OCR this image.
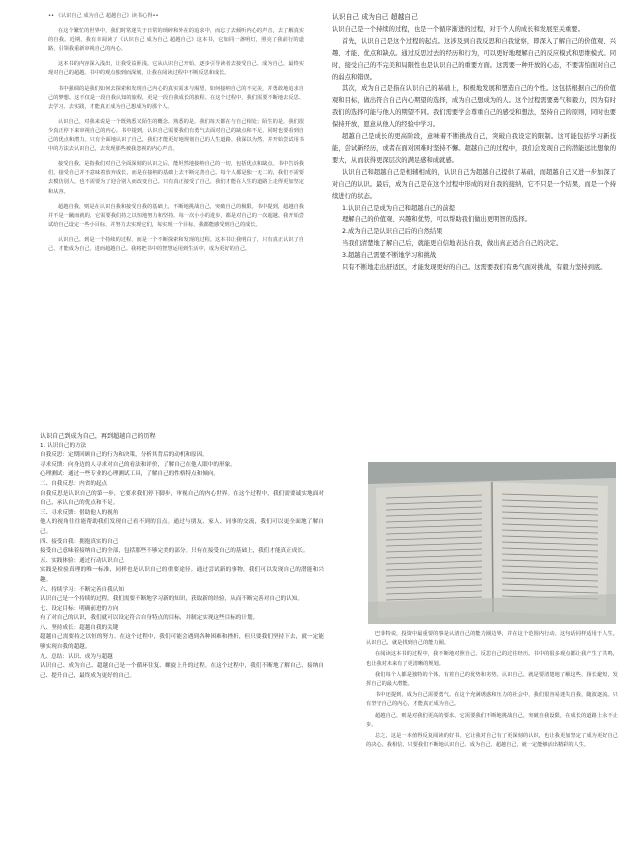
•• 《认识自己 成为自己 超越自己》读书心得••

在这个繁忙的世界中，我们时常迷失于日常的琐碎和外在的追求中，而忘了去倾听内心的声音，去了解真实的自我。近期，我有幸阅读了《认识自己 成为自己 超越自己》这本书，它如同一盏明灯，照亮了我前行的道路，引领我重新审视自己的内心。

这本书的内容深入浅出，让我受益匪浅。它从认识自己开始，逐步引导读者去接受自己、成为自己，最终实现对自己的超越。书中的观点独到而深刻，让我在阅读过程中不断反思和成长。

书中强调的是我们如何去探索和发现自己内心的真实需求与渴望，如何接纳自己的不完美，并勇敢地追求自己的梦想。这不仅是一段自我认知的旅程，更是一段自我成长的旅程。在这个过程中，我们需要不断地去反思、去学习、去实践，才能真正成为自己想成为的那个人。

认识自己，对我来说是一个既熟悉又陌生的概念。熟悉的是，我们每天都在与自己相处；陌生的是，我们很少真正停下来审视自己的内心。书中提到，认识自己需要我们有勇气去面对自己的缺点和不足，同时也要看到自己的优点和潜力。只有全面地认识了自己，我们才能更好地规划自己的人生道路。我深以为然，并开始尝试用书中的方法去认识自己，去发现那些被我忽视的内心声音。

接受自我，是指我们对自己全面深刻的认识之后，能坦然地接纳自己的一切，包括优点和缺点。书中告诉我们，接受自己并不意味着放弃成长，而是在接纳的基础上去不断完善自己。每个人都是独一无二的，我们不需要去模仿别人，也不需要为了迎合别人而改变自己。只有真正接受了自己，我们才能在人生的道路上走得更加坚定和从容。

超越自我，则是在认识自我和接受自我的基础上，不断地挑战自己，突破自己的极限。书中提到，超越自我并不是一蹴而就的，它需要我们持之以恒地努力和坚持。每一次小小的进步，都是对自己的一次超越。我开始尝试给自己设定一些小目标，并努力去实现它们，每实现一个目标，我都能感受到自己的成长。

认识自己，到是一个持续的过程，而是一个不断探索和发现的过程。这本书让我明白了，只有真正认识了自己，才能成为自己，进而超越自己。我将把书中的智慧运用到生活中，成为更好的自己。

认识自己 成为自己 超越自己

认识自己是一个持续的过程，也是一个循序渐进的过程，对于个人的成长和发展至关重要。

首先，认识自己是这个过程的起点。这涉及到自我反思和自我觉察，即深入了解自己的价值观、兴趣、才能、优点和缺点。通过反思过去的经历和行为，可以更好地理解自己的反应模式和思维模式。同时，接受自己的不完美和局限性也是认识自己的重要方面。这需要一种开放的心态，不要害怕面对自己的弱点和错误。

其次，成为自己是指在认识自己的基础上，积极地发展和塑造自己的个性。这包括根据自己的价值观和目标，做出符合自己内心期望的选择，成为自己想成为的人。这个过程需要勇气和毅力，因为有时我们的选择可能与他人的期望不同。我们需要学会尊重自己的感受和想法，坚持自己的原则，同时也要保持开放，愿意从他人的经验中学习。

超越自己是成长的更高阶段，意味着不断挑战自己，突破自我设定的限制。这可能包括学习新技能，尝试新经历，或者在面对困难时坚持不懈。超越自己的过程中，我们会发现自己的潜能远比想象的要大，从而获得更深层次的满足感和成就感。

认识自己和超越自己是相辅相成的，认识自己为超越自己提供了基础，而超越自己又进一步加深了对自己的认识。最后，成为自己是在这个过程中形成的对自我的接纳，它不只是一个结果，而是一个持续进行的状态。

1.认识自己是成为自己和超越自己的前提

理解自己的价值观、兴趣和优势，可以帮助我们做出更明智的选择。

2.成为自己是认识自己后的自然结果

当我们清楚地了解自己后，就能更自信地表达自我，做出真正适合自己的决定。

3.超越自己需要不断地学习和挑战

只有不断地走出舒适区，才能发现更好的自己。这需要我们有勇气面对挑战，有毅力坚持到底。

认识自己到成为自己，再到超越自己的历程

1. 认识自己的方法

自我反思：定期回顾自己的行为和决策，分析其背后的动机和原因。

寻求反馈：向身边的人寻求对自己的看法和评价，了解自己在他人眼中的形象。

心理测试：通过一些专业的心理测试工具，了解自己的性格特点和倾向。

二、自我反思：内省的起点

自我反思是认识自己的第一步，它要求我们停下脚步，审视自己的内心世界。在这个过程中，我们需要诚实地面对自己，承认自己的优点和不足。

三、寻求反馈：借助他人的视角

他人的视角往往能帮助我们发现自己看不到的盲点。通过与朋友、家人、同事的交流，我们可以更全面地了解自己。

四、接受自我：拥抱真实的自己

接受自己意味着接纳自己的全部，包括那些不够完美的部分。只有在接受自己的基础上，我们才能真正成长。

五、实践体验：通过行动认识自己

实践是检验真理的唯一标准，同样也是认识自己的重要途径。通过尝试新的事物，我们可以发现自己的潜能和兴趣。

六、持续学习：不断完善自我认知

认识自己是一个持续的过程，我们需要不断地学习新的知识，获取新的经验，从而不断完善对自己的认知。

七、设定目标：明确前进的方向

有了对自己的认识，我们就可以设定符合自身特点的目标，并制定实现这些目标的计划。

八、坚持成长：超越自我的关键

超越自己需要持之以恒的努力。在这个过程中，我们可能会遇到各种困难和挫折，但只要我们坚持下去，就一定能够实现自我的超越。

九、总结：认识、成为与超越

认识自己、成为自己、超越自己是一个循环往复、螺旋上升的过程。在这个过程中，我们不断地了解自己、接纳自己、提升自己，最终成为更好的自己。

巴菲特说，投资中最重要的事是认清自己的能力圈边界，并在这个范围内行动。这句话同样适用于人生。认识自己，就是找到自己的能力圈。

在阅读这本书的过程中，我不断地对照自己，反思自己的过往经历。书中的很多观点都让我产生了共鸣，也让我对未来有了更清晰的规划。

我们每个人都是独特的个体，有着自己的优势和劣势。认识自己，就是要清楚地了解这些，扬长避短，发挥自己的最大潜能。

书中还提到，成为自己需要勇气。在这个充满诱惑和压力的社会中，我们很容易迷失自我，随波逐流。只有坚守自己的内心，才能真正成为自己。

超越自己，则是对我们更高的要求。它需要我们不断地挑战自己，突破自我设限，在成长的道路上永不止步。

总之，这是一本值得反复阅读的好书。它让我对自己有了更深刻的认识，也让我更加坚定了成为更好自己的决心。我相信，只要我们不断地认识自己、成为自己、超越自己，就一定能够活出精彩的人生。
